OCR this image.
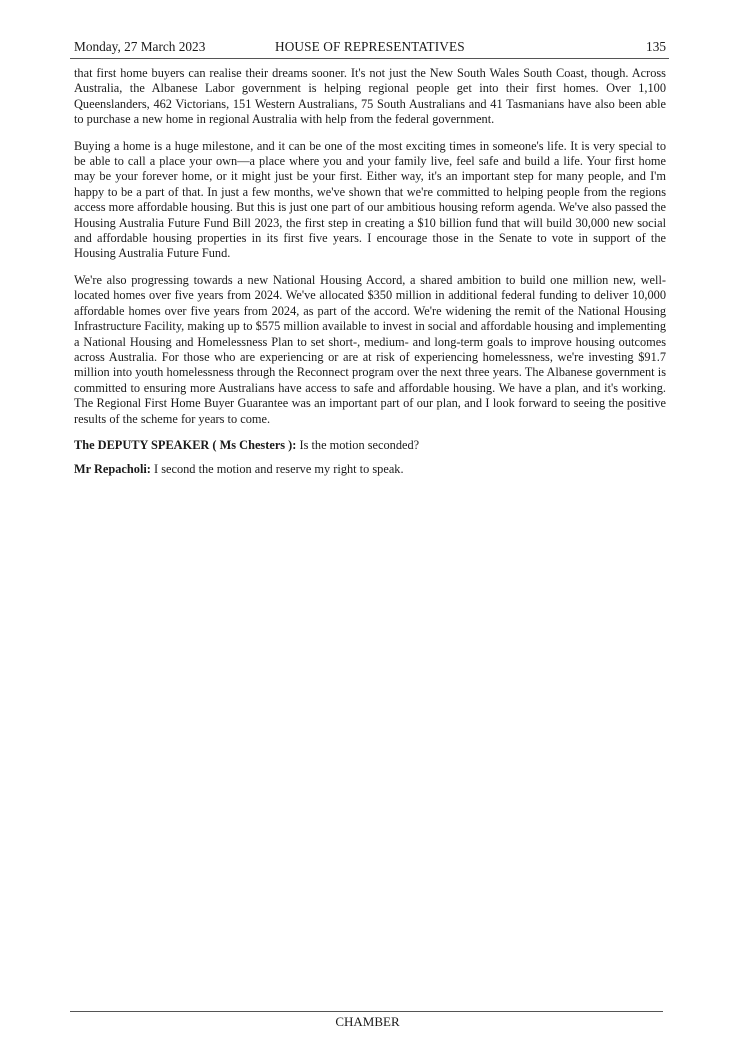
Monday, 27 March 2023	HOUSE OF REPRESENTATIVES	135

that first home buyers can realise their dreams sooner. It's not just the New South Wales South Coast, though. Across Australia, the Albanese Labor government is helping regional people get into their first homes. Over 1,100 Queenslanders, 462 Victorians, 151 Western Australians, 75 South Australians and 41 Tasmanians have also been able to purchase a new home in regional Australia with help from the federal government.

Buying a home is a huge milestone, and it can be one of the most exciting times in someone's life. It is very special to be able to call a place your own—a place where you and your family live, feel safe and build a life. Your first home may be your forever home, or it might just be your first. Either way, it's an important step for many people, and I'm happy to be a part of that. In just a few months, we've shown that we're committed to helping people from the regions access more affordable housing. But this is just one part of our ambitious housing reform agenda. We've also passed the Housing Australia Future Fund Bill 2023, the first step in creating a $10 billion fund that will build 30,000 new social and affordable housing properties in its first five years. I encourage those in the Senate to vote in support of the Housing Australia Future Fund.

We're also progressing towards a new National Housing Accord, a shared ambition to build one million new, well-located homes over five years from 2024. We've allocated $350 million in additional federal funding to deliver 10,000 affordable homes over five years from 2024, as part of the accord. We're widening the remit of the National Housing Infrastructure Facility, making up to $575 million available to invest in social and affordable housing and implementing a National Housing and Homelessness Plan to set short-, medium- and long-term goals to improve housing outcomes across Australia. For those who are experiencing or are at risk of experiencing homelessness, we're investing $91.7 million into youth homelessness through the Reconnect program over the next three years. The Albanese government is committed to ensuring more Australians have access to safe and affordable housing. We have a plan, and it's working. The Regional First Home Buyer Guarantee was an important part of our plan, and I look forward to seeing the positive results of the scheme for years to come.

The DEPUTY SPEAKER ( Ms Chesters ): Is the motion seconded?

Mr Repacholi: I second the motion and reserve my right to speak.

CHAMBER
